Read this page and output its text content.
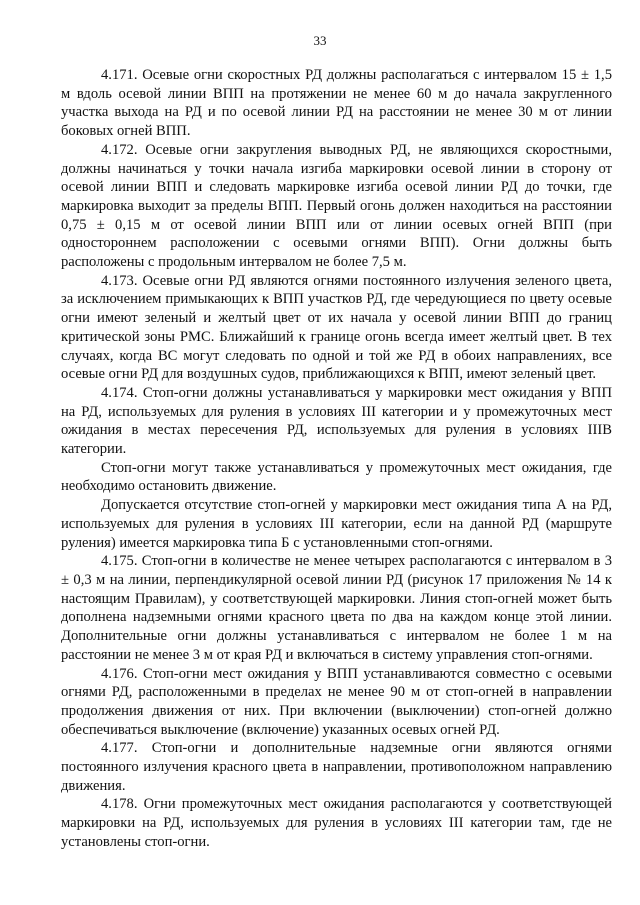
33

4.171. Осевые огни скоростных РД должны располагаться с интервалом 15 ± 1,5 м вдоль осевой линии ВПП на протяжении не менее 60 м до начала закругленного участка выхода на РД и по осевой линии РД на расстоянии не менее 30 м от линии боковых огней ВПП.

4.172. Осевые огни закругления выводных РД, не являющихся скоростными, должны начинаться у точки начала изгиба маркировки осевой линии в сторону от осевой линии ВПП и следовать маркировке изгиба осевой линии РД до точки, где маркировка выходит за пределы ВПП. Первый огонь должен находиться на расстоянии 0,75 ± 0,15 м от осевой линии ВПП или от линии осевых огней ВПП (при одностороннем расположении с осевыми огнями ВПП). Огни должны быть расположены с продольным интервалом не более 7,5 м.

4.173. Осевые огни РД являются огнями постоянного излучения зеленого цвета, за исключением примыкающих к ВПП участков РД, где чередующиеся по цвету осевые огни имеют зеленый и желтый цвет от их начала у осевой линии ВПП до границ критической зоны РМС. Ближайший к границе огонь всегда имеет желтый цвет. В тех случаях, когда ВС могут следовать по одной и той же РД в обоих направлениях, все осевые огни РД для воздушных судов, приближающихся к ВПП, имеют зеленый цвет.

4.174. Стоп-огни должны устанавливаться у маркировки мест ожидания у ВПП на РД, используемых для руления в условиях III категории и у промежуточных мест ожидания в местах пересечения РД, используемых для руления в условиях IIIВ категории.

Стоп-огни могут также устанавливаться у промежуточных мест ожидания, где необходимо остановить движение.

Допускается отсутствие стоп-огней у маркировки мест ожидания типа А на РД, используемых для руления в условиях III категории, если на данной РД (маршруте руления) имеется маркировка типа Б с установленными стоп-огнями.

4.175. Стоп-огни в количестве не менее четырех располагаются с интервалом в 3 ± 0,3 м на линии, перпендикулярной осевой линии РД (рисунок 17 приложения № 14 к настоящим Правилам), у соответствующей маркировки. Линия стоп-огней может быть дополнена надземными огнями красного цвета по два на каждом конце этой линии. Дополнительные огни должны устанавливаться с интервалом не более 1 м на расстоянии не менее 3 м от края РД и включаться в систему управления стоп-огнями.

4.176. Стоп-огни мест ожидания у ВПП устанавливаются совместно с осевыми огнями РД, расположенными в пределах не менее 90 м от стоп-огней в направлении продолжения движения от них. При включении (выключении) стоп-огней должно обеспечиваться выключение (включение) указанных осевых огней РД.

4.177. Стоп-огни и дополнительные надземные огни являются огнями постоянного излучения красного цвета в направлении, противоположном направлению движения.

4.178. Огни промежуточных мест ожидания располагаются у соответствующей маркировки на РД, используемых для руления в условиях III категории там, где не установлены стоп-огни.
